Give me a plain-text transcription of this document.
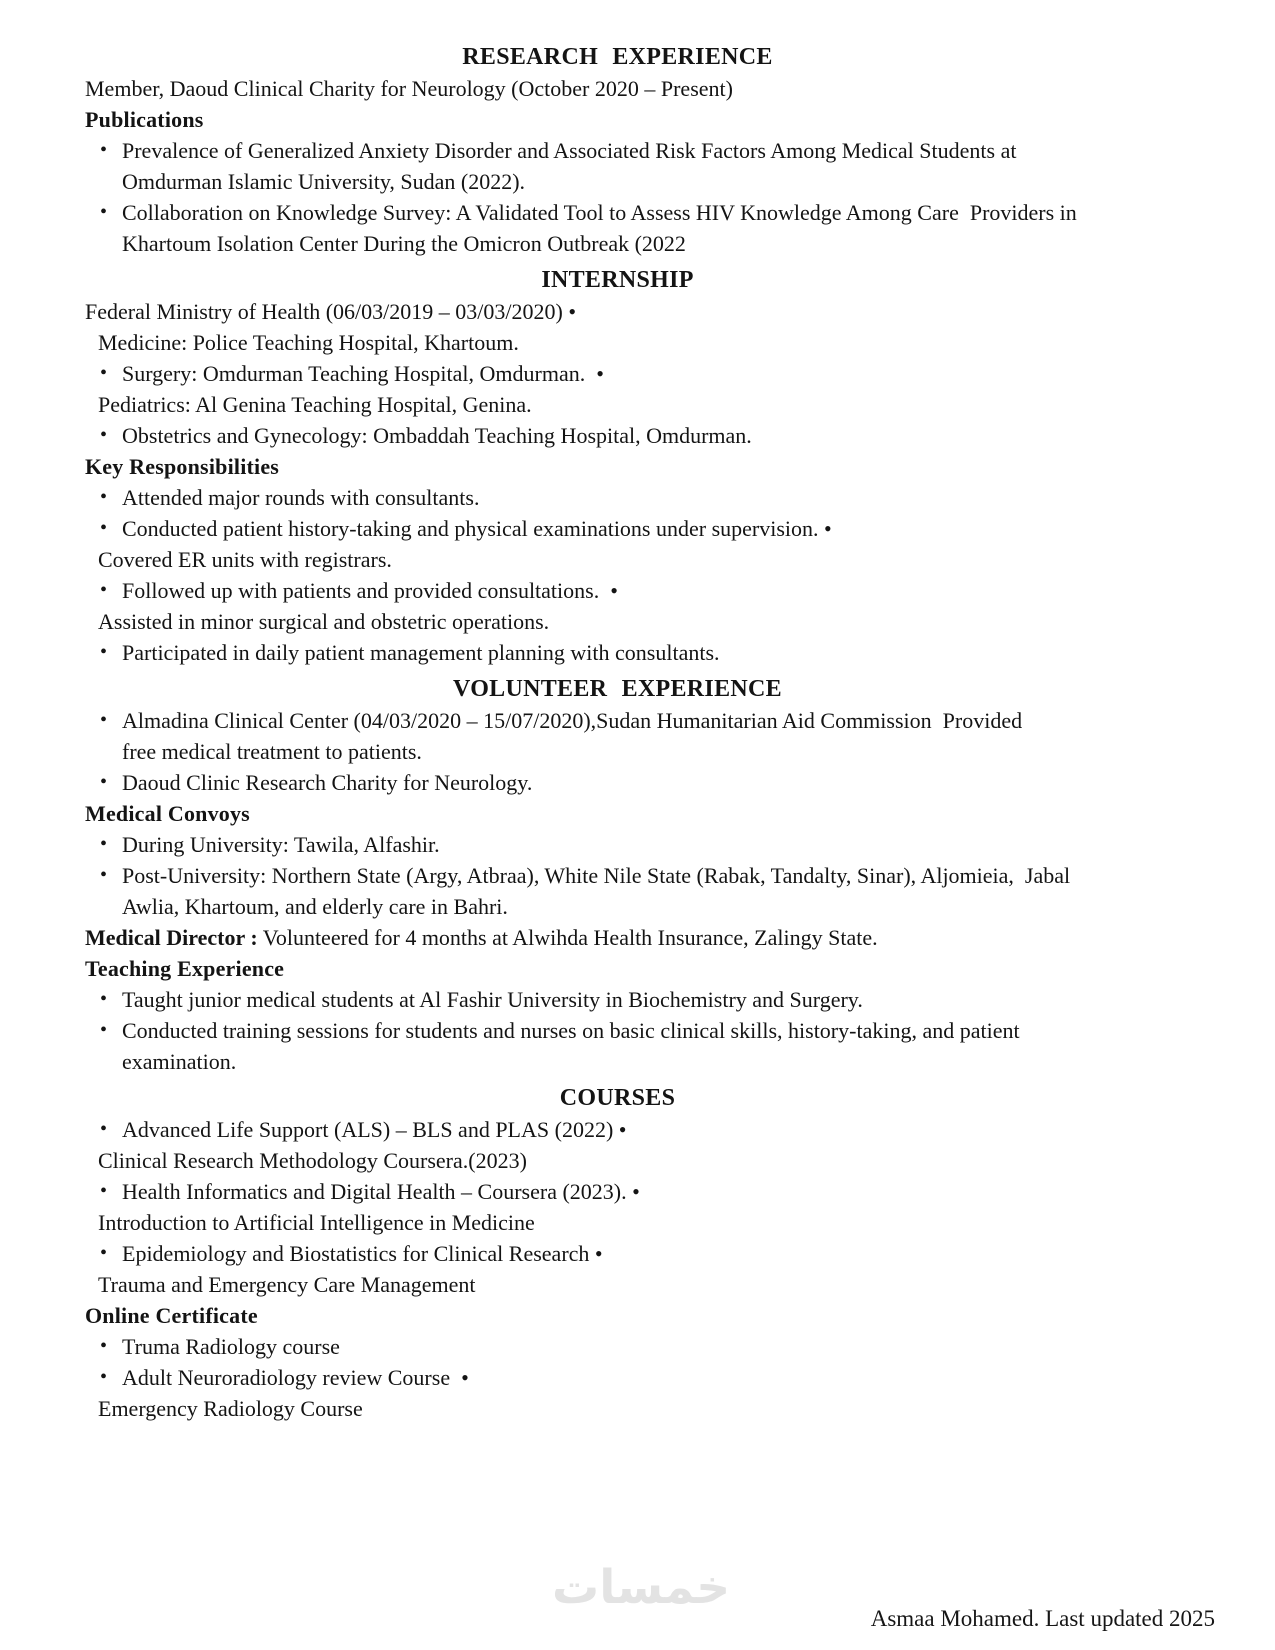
RESEARCH EXPERIENCE
Member, Daoud Clinical Charity for Neurology (October 2020 – Present)
Publications
• Prevalence of Generalized Anxiety Disorder and Associated Risk Factors Among Medical Students at
Omdurman Islamic University, Sudan (2022).
• Collaboration on Knowledge Survey: A Validated Tool to Assess HIV Knowledge Among Care  Providers in
Khartoum Isolation Center During the Omicron Outbreak (2022
INTERNSHIP
Federal Ministry of Health (06/03/2019 – 03/03/2020) •
Medicine: Police Teaching Hospital, Khartoum.
• Surgery: Omdurman Teaching Hospital, Omdurman.  •
Pediatrics: Al Genina Teaching Hospital, Genina.
• Obstetrics and Gynecology: Ombaddah Teaching Hospital, Omdurman.
Key Responsibilities
• Attended major rounds with consultants.
• Conducted patient history-taking and physical examinations under supervision. •
Covered ER units with registrars.
• Followed up with patients and provided consultations.  •
Assisted in minor surgical and obstetric operations.
• Participated in daily patient management planning with consultants.
VOLUNTEER EXPERIENCE
• Almadina Clinical Center (04/03/2020 – 15/07/2020),Sudan Humanitarian Aid Commission  Provided
free medical treatment to patients.
• Daoud Clinic Research Charity for Neurology.
Medical Convoys
• During University: Tawila, Alfashir.
• Post-University: Northern State (Argy, Atbraa), White Nile State (Rabak, Tandalty, Sinar), Aljomieia,  Jabal
Awlia, Khartoum, and elderly care in Bahri.
Medical Director : Volunteered for 4 months at Alwihda Health Insurance, Zalingy State.
Teaching Experience
• Taught junior medical students at Al Fashir University in Biochemistry and Surgery.
• Conducted training sessions for students and nurses on basic clinical skills, history-taking, and patient
examination.
COURSES
• Advanced Life Support (ALS) – BLS and PLAS (2022) •
Clinical Research Methodology Coursera.(2023)
• Health Informatics and Digital Health – Coursera (2023). •
Introduction to Artificial Intelligence in Medicine
• Epidemiology and Biostatistics for Clinical Research •
Trauma and Emergency Care Management
Online Certificate
• Truma Radiology course
• Adult Neuroradiology review Course  •
Emergency Radiology Course
خمسات
Asmaa Mohamed. Last updated 2025
